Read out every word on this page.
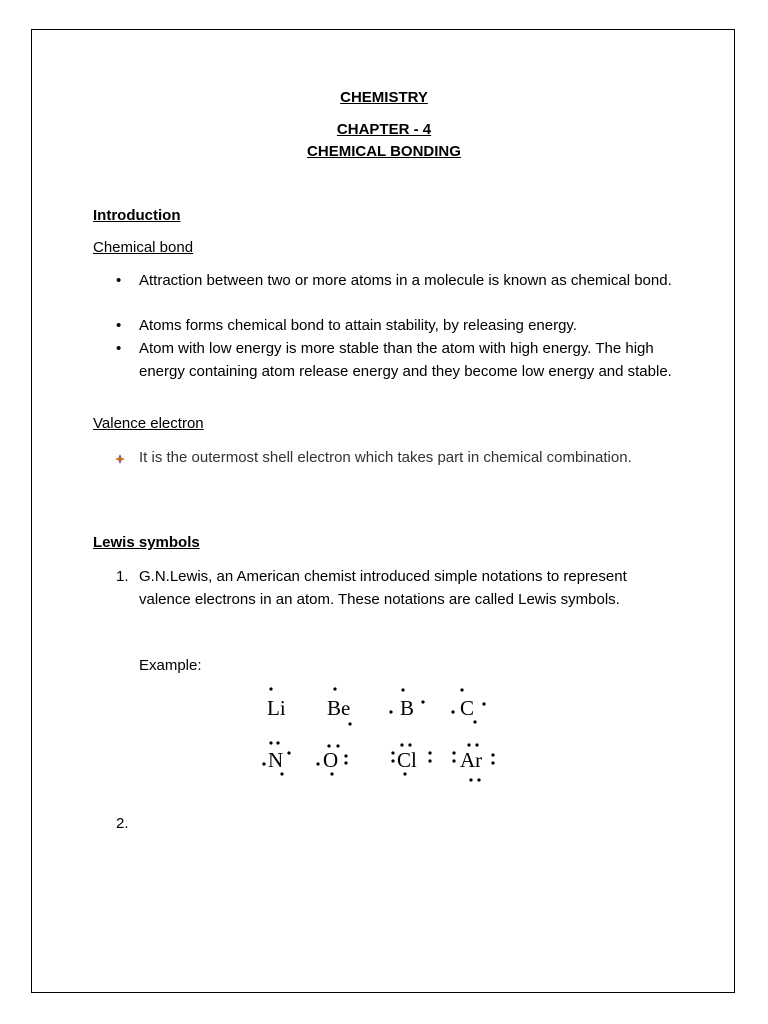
CHEMISTRY
CHAPTER - 4
CHEMICAL BONDING
Introduction
Chemical bond
• Attraction between two or more atoms in a molecule is known as chemical bond.
• Atoms forms chemical bond to attain stability, by releasing energy.
• Atom with low energy is more stable than the atom with high energy. The high energy containing atom release energy and they become low energy and stable.
Valence electron
It is the outermost shell electron which takes part in chemical combination.
Lewis symbols
1. G.N.Lewis, an American chemist introduced simple notations to represent valence electrons in an atom. These notations are called Lewis symbols.
Example:
Li Be B C
N O	Cl Ar
2.
